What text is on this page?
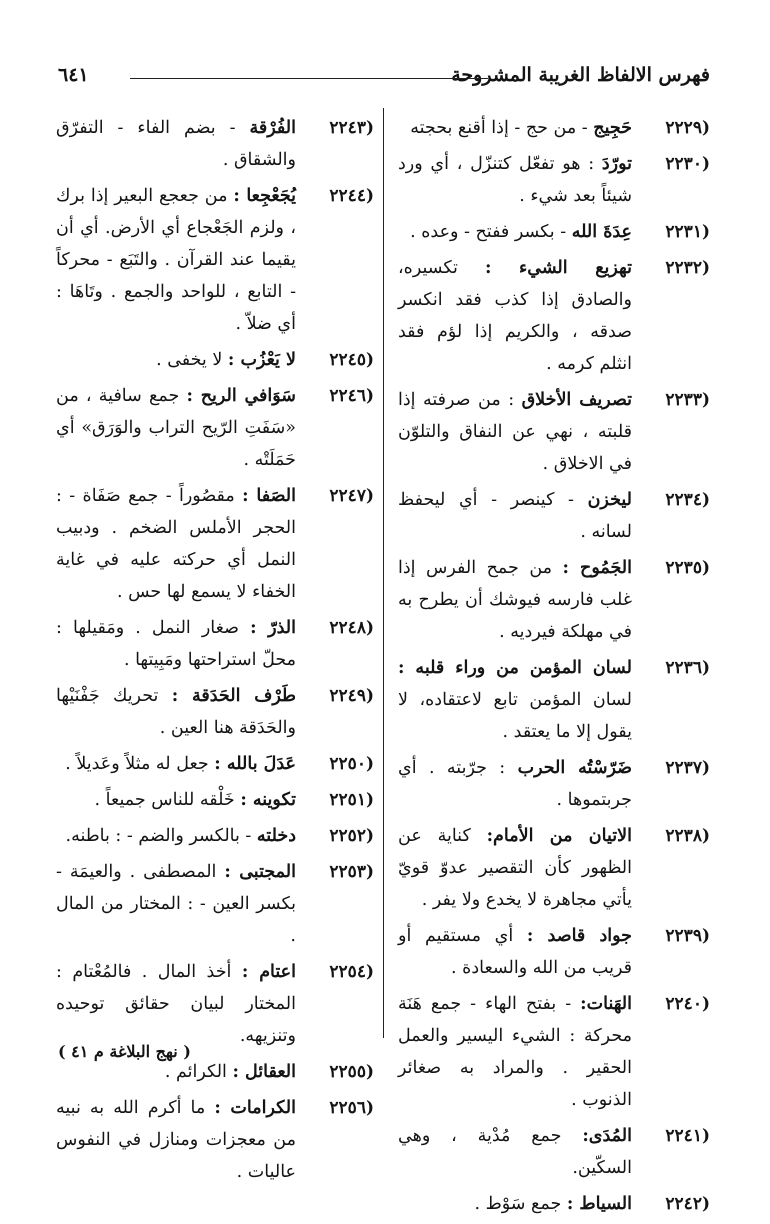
فهرس الالفاظ الغريبة المشروحة
٦٤١
(٢٢٢٩
حَجِيج - من حج - إذا أقنع بحجته
(٢٢٣٠
تورّدَ : هو تفعّل كتنزّل ، أي ورد شيئاً بعد شيء .
(٢٢٣١
عِدَةَ الله - بكسر ففتح - وعده .
(٢٢٣٢
تهزيع الشيء : تكسيره، والصادق إذا كذب فقد انكسر صدقه ، والكريم إذا لؤم فقد انثلم كرمه .
(٢٢٣٣
تصريف الأخلاق : من صرفته إذا قلبته ، نهي عن النفاق والتلوّن في الاخلاق .
(٢٢٣٤
ليخزن - كينصر - أي ليحفظ لسانه .
(٢٢٣٥
الجَمُوح : من جمح الفرس إذا غلب فارسه فيوشك أن يطرح به في مهلكة فيرديه .
(٢٢٣٦
لسان المؤمن من وراء قلبه : لسان المؤمن تابع لاعتقاده، لا يقول إلا ما يعتقد .
(٢٢٣٧
ضَرّسْتُه الحرب : جرّبته . أي جربتموها .
(٢٢٣٨
الاتيان من الأمام: كناية عن الظهور كأن التقصير عدوّ قويّ يأتي مجاهرة لا يخدع ولا يفر .
(٢٢٣٩
جواد قاصد : أي مستقيم أو قريب من الله والسعادة .
(٢٢٤٠
الهَنات: - بفتح الهاء - جمع هَنَة محركة : الشيء اليسير والعمل الحقير . والمراد به صغائر الذنوب .
(٢٢٤١
المُدَى: جمع مُدْية ، وهي السكّين.
(٢٢٤٢
السياط : جمع سَوْط .
(٢٢٤٣
الفُرْقة - بضم الفاء - التفرّق والشقاق .
(٢٢٤٤
يُجَعْجِعا : من جعجع البعير إذا برك ، ولزم الجَعْجاع أي الأرض. أي أن يقيما عند القرآن . والتَبَع - محركاً - التابع ، للواحد والجمع . وتَاهَا : أي ضلاّ .
(٢٢٤٥
لا يَعْزُب : لا يخفى .
(٢٢٤٦
سَوَافي الريح : جمع سافية ، من «سَفَتِ الرّيح التراب والوَرَق» أي حَمَلَتْه .
(٢٢٤٧
الصَفا : مقصُوراً - جمع صَفَاة - : الحجر الأملس الضخم . ودبيب النمل أي حركته عليه في غاية الخفاء لا يسمع لها حس .
(٢٢٤٨
الذرّ : صغار النمل . ومَقيلها : محلّ استراحتها ومَبِيتها .
(٢٢٤٩
طَرْف الحَدَقة : تحريك جَفْنَيْها والحَدَقة هنا العين .
(٢٢٥٠
عَدَلَ بالله : جعل له مثلاً وعَديلاً .
(٢٢٥١
تكوينه : خَلْقه للناس جميعاً .
(٢٢٥٢
دخلته - بالكسر والضم - : باطنه.
(٢٢٥٣
المجتبى : المصطفى . والعيمَة - بكسر العين - : المختار من المال .
(٢٢٥٤
اعتام : أخذ المال . فالمُعْتام : المختار لبيان حقائق توحيده وتنزيهه.
(٢٢٥٥
العقائل : الكرائم .
(٢٢٥٦
الكرامات : ما أكرم الله به نبيه من معجزات ومنازل في النفوس عاليات .
( نهج البلاغة م ٤١ )
